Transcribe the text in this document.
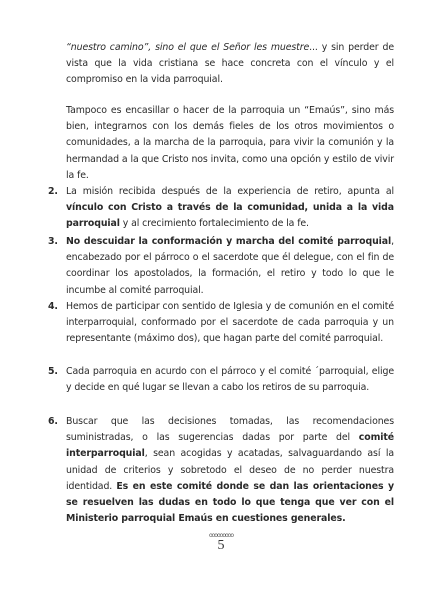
“nuestro camino”, sino el que el Señor les muestre... y sin perder de vista que la vida cristiana se hace concreta con el vínculo y el compromiso en la vida parroquial.

Tampoco es encasillar o hacer de la parroquia un “Emaús”, sino más bien, integrarnos con los demás fieles de los otros movimientos o comunidades, a la marcha de la parroquia, para vivir la comunión y la hermandad a la que Cristo nos invita, como una opción y estilo de vivir la fe.

2. La misión recibida después de la experiencia de retiro, apunta al vínculo con Cristo a través de la comunidad, unida a la vida parroquial y al crecimiento fortalecimiento de la fe.
3. No descuidar la conformación y marcha del comité parroquial, encabezado por el párroco o el sacerdote que él delegue, con el fin de coordinar los apostolados, la formación, el retiro y todo lo que le incumbe al comité parroquial.
4. Hemos de participar con sentido de Iglesia y de comunión en el comité interparroquial, conformado por el sacerdote de cada parroquia y un representante (máximo dos), que hagan parte del comité parroquial.
5. Cada parroquia en acurdo con el párroco y el comité ´parroquial, elige y decide en qué lugar se llevan a cabo los retiros de su parroquia.
6. Buscar que las decisiones tomadas, las recomendaciones suministradas, o las sugerencias dadas por parte del comité interparroquial, sean acogidas y acatadas, salvaguardando así la unidad de criterios y sobretodo el deseo de no perder nuestra identidad. Es en este comité donde se dan las orientaciones y se resuelven las dudas en todo lo que tenga que ver con el Ministerio parroquial Emaús en cuestiones generales.
ooooooooo
5
